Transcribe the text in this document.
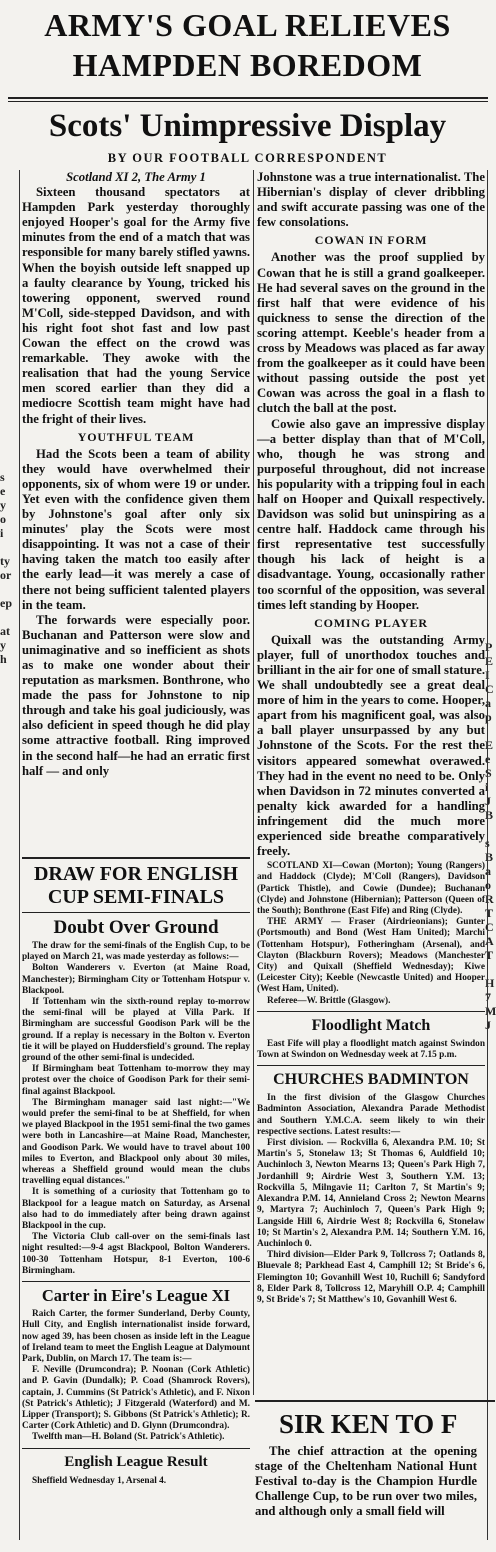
ARMY'S GOAL RELIEVES
HAMPDEN BOREDOM
Scots' Unimpressive Display
BY OUR FOOTBALL CORRESPONDENT
s
e
y
o
i

ty
or

ep

at
y
h
P
E
I
C
a
p

E
e
S
i
J
B

s
B
a
o
R
T
C
A
T

H
7
M
J

Scotland XI 2, The Army 1

Sixteen thousand spectators at Hampden Park yesterday thoroughly enjoyed Hooper's goal for the Army five minutes from the end of a match that was responsible for many barely stifled yawns. When the boyish outside left snapped up a faulty clearance by Young, tricked his towering opponent, swerved round M'Coll, side-stepped Davidson, and with his right foot shot fast and low past Cowan the effect on the crowd was remarkable. They awoke with the realisation that had the young Service men scored earlier than they did a mediocre Scottish team might have had the fright of their lives.

YOUTHFUL TEAM

Had the Scots been a team of ability they would have overwhelmed their opponents, six of whom were 19 or under. Yet even with the confidence given them by Johnstone's goal after only six minutes' play the Scots were most disappointing. It was not a case of their having taken the match too easily after the early lead—it was merely a case of there not being sufficient talented players in the team.

The forwards were especially poor. Buchanan and Patterson were slow and unimaginative and so inefficient as shots as to make one wonder about their reputation as marksmen. Bonthrone, who made the pass for Johnstone to nip through and take his goal judiciously, was also deficient in speed though he did play some attractive football. Ring improved in the second half—he had an erratic first half — and only

DRAW FOR ENGLISH
CUP SEMI-FINALS
Doubt Over Ground

The draw for the semi-finals of the English Cup, to be played on March 21, was made yesterday as follows:—

Bolton Wanderers v. Everton (at Maine Road, Manchester); Birmingham City or Tottenham Hotspur v. Blackpool.

If Tottenham win the sixth-round replay to-morrow the semi-final will be played at Villa Park. If Birmingham are successful Goodison Park will be the ground. If a replay is necessary in the Bolton v. Everton tie it will be played on Huddersfield's ground. The replay ground of the other semi-final is undecided.

If Birmingham beat Tottenham to-morrow they may protest over the choice of Goodison Park for their semi-final against Blackpool.

The Birmingham manager said last night:—"We would prefer the semi-final to be at Sheffield, for when we played Blackpool in the 1951 semi-final the two games were both in Lancashire—at Maine Road, Manchester, and Goodison Park. We would have to travel about 100 miles to Everton, and Blackpool only about 30 miles, whereas a Sheffield ground would mean the clubs travelling equal distances."

It is something of a curiosity that Tottenham go to Blackpool for a league match on Saturday, as Arsenal also had to do immediately after being drawn against Blackpool in the cup.

The Victoria Club call-over on the semi-finals last night resulted:—9-4 agst Blackpool, Bolton Wanderers. 100-30 Tottenham Hotspur, 8-1 Everton, 100-6 Birmingham.

Carter in Eire's League XI

Raich Carter, the former Sunderland, Derby County, Hull City, and English internationalist inside forward, now aged 39, has been chosen as inside left in the League of Ireland team to meet the English League at Dalymount Park, Dublin, on March 17. The team is:—

F. Neville (Drumcondra); P. Noonan (Cork Athletic) and P. Gavin (Dundalk); P. Coad (Shamrock Rovers), captain, J. Cummins (St Patrick's Athletic), and F. Nixon (St Patrick's Athletic); J Fitzgerald (Waterford) and M. Lipper (Transport); S. Gibbons (St Patrick's Athletic); R. Carter (Cork Athletic) and D. Glynn (Drumcondra).

Twelfth man—H. Boland (St. Patrick's Athletic).

English League Result
Sheffield Wednesday 1, Arsenal 4.

Johnstone was a true internationalist. The Hibernian's display of clever dribbling and swift accurate passing was one of the few consolations.

COWAN IN FORM

Another was the proof supplied by Cowan that he is still a grand goalkeeper. He had several saves on the ground in the first half that were evidence of his quickness to sense the direction of the scoring attempt. Keeble's header from a cross by Meadows was placed as far away from the goalkeeper as it could have been without passing outside the post yet Cowan was across the goal in a flash to clutch the ball at the post.

Cowie also gave an impressive display—a better display than that of M'Coll, who, though he was strong and purposeful throughout, did not increase his popularity with a tripping foul in each half on Hooper and Quixall respectively. Davidson was solid but uninspiring as a centre half. Haddock came through his first representative test successfully though his lack of height is a disadvantage. Young, occasionally rather too scornful of the opposition, was several times left standing by Hooper.

COMING PLAYER

Quixall was the outstanding Army player, full of unorthodox touches and brilliant in the air for one of small stature. We shall undoubtedly see a great deal more of him in the years to come. Hooper, apart from his magnificent goal, was also a ball player unsurpassed by any but Johnstone of the Scots. For the rest the visitors appeared somewhat overawed. They had in the event no need to be. Only when Davidson in 72 minutes converted a penalty kick awarded for a handling infringement did the much more experienced side breathe comparatively freely.

SCOTLAND XI—Cowan (Morton); Young (Rangers) and Haddock (Clyde); M'Coll (Rangers), Davidson (Partick Thistle), and Cowie (Dundee); Buchanan (Clyde) and Johnstone (Hibernian); Patterson (Queen of the South); Bonthrone (East Fife) and Ring (Clyde).

THE ARMY — Fraser (Airdrieonians); Gunter (Portsmouth) and Bond (West Ham United); Marchi (Tottenham Hotspur), Fotheringham (Arsenal), and Clayton (Blackburn Rovers); Meadows (Manchester City) and Quixall (Sheffield Wednesday); Kiwe (Leicester City); Keeble (Newcastle United) and Hooper (West Ham, United).

Referee—W. Brittle (Glasgow).

Floodlight Match

East Fife will play a floodlight match against Swindon Town at Swindon on Wednesday week at 7.15 p.m.

CHURCHES BADMINTON

In the first division of the Glasgow Churches Badminton Association, Alexandra Parade Methodist and Southern Y.M.C.A. seem likely to win their respective sections. Latest results:—

First division. — Rockvilla 6, Alexandra P.M. 10; St Martin's 5, Stonelaw 13; St Thomas 6, Auldfield 10; Auchinloch 3, Newton Mearns 13; Queen's Park High 7, Jordanhill 9; Airdrie West 3, Southern Y.M. 13; Rockvilla 5, Milngavie 11; Carlton 7, St Martin's 9; Alexandra P.M. 14, Annieland Cross 2; Newton Mearns 9, Martyra 7; Auchinloch 7, Queen's Park High 9; Langside Hill 6, Airdrie West 8; Rockvilla 6, Stonelaw 10; St Martin's 2, Alexandra P.M. 14; Southern Y.M. 16, Auchinloch 0.

Third division—Elder Park 9, Tollcross 7; Oatlands 8, Bluevale 8; Parkhead East 4, Camphill 12; St Bride's 6, Flemington 10; Govanhill West 10, Ruchill 6; Sandyford 8, Elder Park 8, Tollcross 12, Maryhill O.P. 4; Camphill 9, St Bride's 7; St Matthew's 10, Govanhill West 6.

SIR KEN TO F
The chief attraction at the opening stage of the Cheltenham National Hunt Festival to-day is the Champion Hurdle Challenge Cup, to be run over two miles, and although only a small field will
